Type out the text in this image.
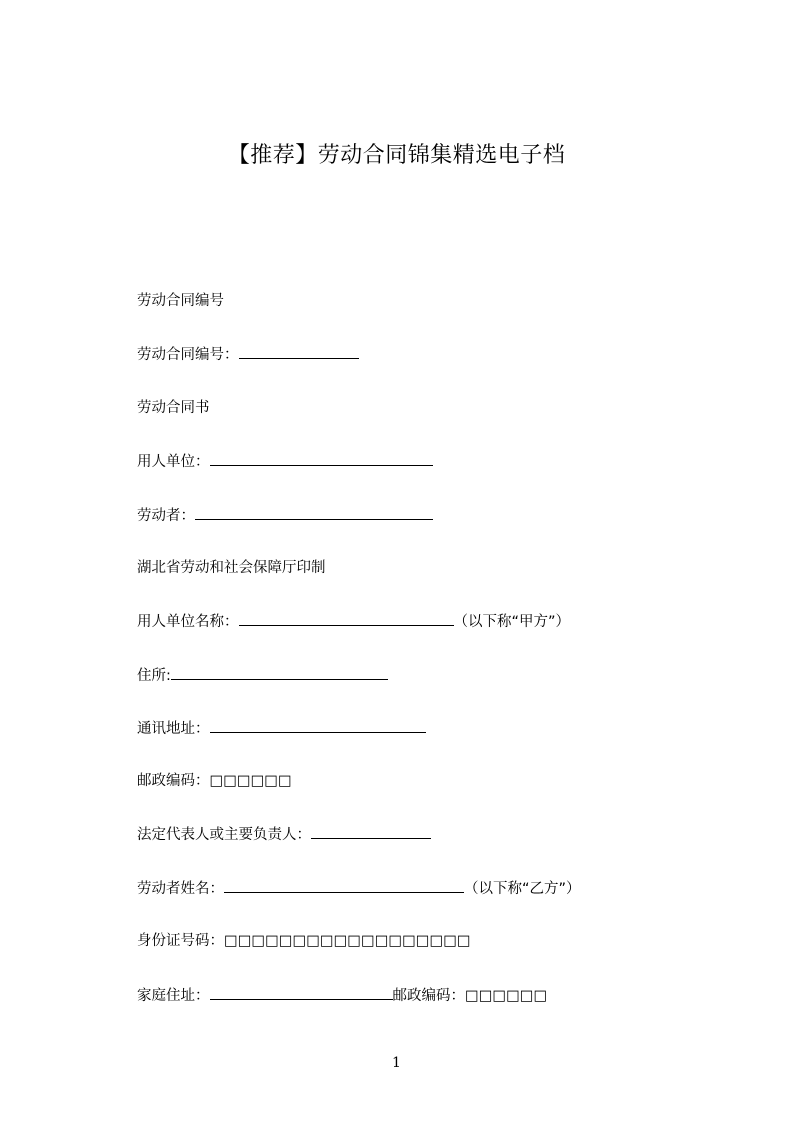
【推荐】劳动合同锦集精选电子档
劳动合同编号
劳动合同编号：
劳动合同书
用人单位：
劳动者：
湖北省劳动和社会保障厅印制
用人单位名称：	（以下称“甲方”）
住所:
通讯地址：
邮政编码：□□□□□□
法定代表人或主要负责人：
劳动者姓名：	（以下称“乙方”）
身份证号码：□□□□□□□□□□□□□□□□□□
家庭住址：	邮政编码：□□□□□□
1
